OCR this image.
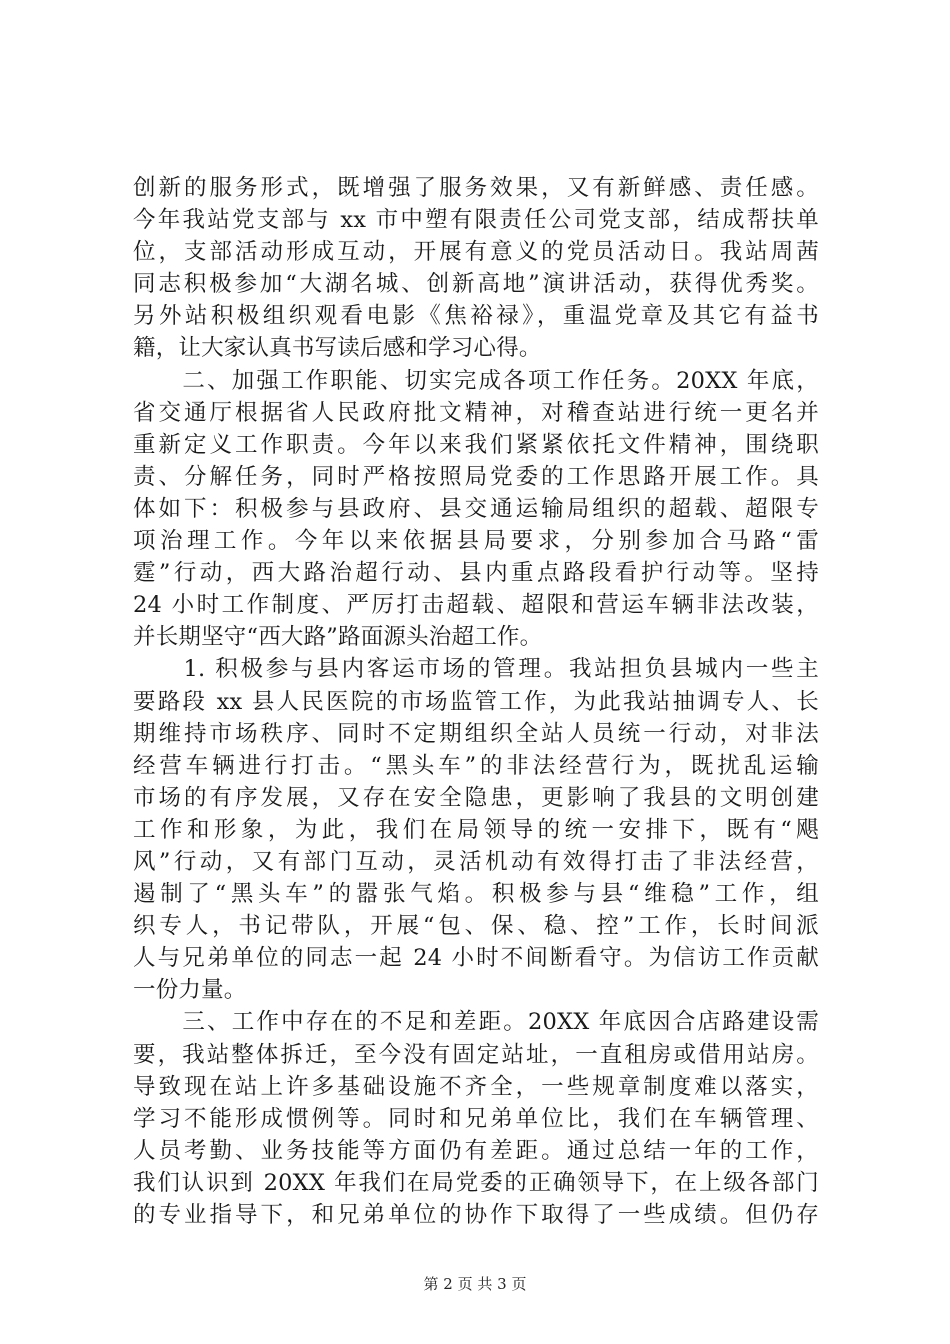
创新的服务形式，既增强了服务效果，又有新鲜感、责任感。
今年我站党支部与 xx 市中塑有限责任公司党支部，结成帮扶单
位，支部活动形成互动，开展有意义的党员活动日。我站周茜
同志积极参加“大湖名城、创新高地”演讲活动，获得优秀奖。
另外站积极组织观看电影《焦裕禄》，重温党章及其它有益书
籍，让大家认真书写读后感和学习心得。
　　二、加强工作职能、切实完成各项工作任务。20XX 年底，
省交通厅根据省人民政府批文精神，对稽查站进行统一更名并
重新定义工作职责。今年以来我们紧紧依托文件精神，围绕职
责、分解任务，同时严格按照局党委的工作思路开展工作。具
体如下：积极参与县政府、县交通运输局组织的超载、超限专
项治理工作。今年以来依据县局要求，分别参加合马路“雷
霆”行动，西大路治超行动、县内重点路段看护行动等。坚持
24 小时工作制度、严厉打击超载、超限和营运车辆非法改装，
并长期坚守“西大路”路面源头治超工作。
　　1. 积极参与县内客运市场的管理。我站担负县城内一些主
要路段 xx 县人民医院的市场监管工作，为此我站抽调专人、长
期维持市场秩序、同时不定期组织全站人员统一行动，对非法
经营车辆进行打击。“黑头车”的非法经营行为，既扰乱运输
市场的有序发展，又存在安全隐患，更影响了我县的文明创建
工作和形象，为此，我们在局领导的统一安排下，既有“飓
风”行动，又有部门互动，灵活机动有效得打击了非法经营，
遏制了“黑头车”的嚣张气焰。积极参与县“维稳”工作，组
织专人，书记带队，开展“包、保、稳、控”工作，长时间派
人与兄弟单位的同志一起 24 小时不间断看守。为信访工作贡献
一份力量。
　　三、工作中存在的不足和差距。20XX 年底因合店路建设需
要，我站整体拆迁，至今没有固定站址，一直租房或借用站房。
导致现在站上许多基础设施不齐全，一些规章制度难以落实，
学习不能形成惯例等。同时和兄弟单位比，我们在车辆管理、
人员考勤、业务技能等方面仍有差距。通过总结一年的工作，
我们认识到 20XX 年我们在局党委的正确领导下，在上级各部门
的专业指导下，和兄弟单位的协作下取得了一些成绩。但仍存
第 2 页 共 3 页
